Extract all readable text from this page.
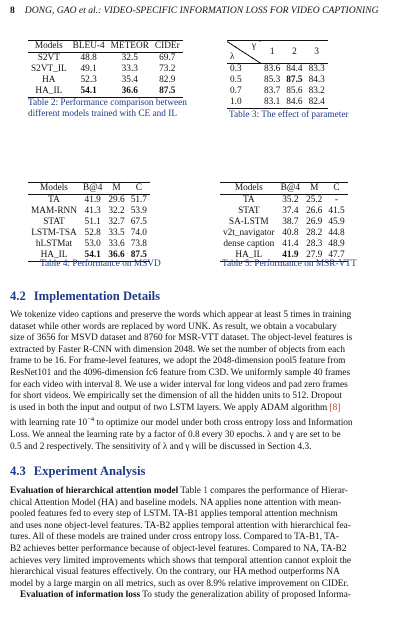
8 DONG, GAO et al.: VIDEO-SPECIFIC INFORMATION LOSS FOR VIDEO CAPTIONING
Models	BLEU-4	METEOR	CIDEr
S2VT	48.8	32.5	69.7
S2VT_IL	49.1	33.3	73.2
HA	52.3	35.4	82.9
HA_IL	54.1	36.6	87.5
Table 2: Performance comparison between different models trained with CE and IL
γ
λ	1	2	3
0.3	83.6	84.4	83.3
0.5	85.3	87.5	84.3
0.7	83.7	85.6	83.2
1.0	83.1	84.6	82.4
Table 3: The effect of parameter
Models	B@4	M	C
TA	41.9	29.6	51.7
MAM-RNN	41.3	32.2	53.9
STAT	51.1	32.7	67.5
LSTM-TSA	52.8	33.5	74.0
hLSTMat	53.0	33.6	73.8
HA_IL	54.1	36.6	87.5
Table 4: Performance on MSVD
Models	B@4	M	C
TA	35.2	25.2	-
STAT	37.4	26.6	41.5
SA-LSTM	38.7	26.9	45.9
v2t_navigator	40.8	28.2	44.8
dense caption	41.4	28.3	48.9
HA_IL	41.9	27.9	47.7
Table 5: Performance on MSR-VTT
4.2 Implementation Details
We tokenize video captions and preserve the words which appear at least 5 times in training
dataset while other words are replaced by word UNK. As result, we obtain a vocabulary
size of 3656 for MSVD dataset and 8760 for MSR-VTT dataset. The object-level features is
extracted by Faster R-CNN with dimension 2048. We set the number of objects from each
frame to be 16. For frame-level features, we adopt the 2048-dimension pool5 feature from
ResNet101 and the 4096-dimension fc6 feature from C3D. We uniformly sample 40 frames
for each video with interval 8. We use a wider interval for long videos and pad zero frames
for short videos. We empirically set the dimension of all the hidden units to 512. Dropout
is used in both the input and output of two LSTM layers. We apply ADAM algorithm [8]
with learning rate $10^{-4}$ to optimize our model under both cross entropy loss and Information
Loss. We anneal the learning rate by a factor of 0.8 every 30 epochs. λ and γ are set to be
0.5 and 2 respectively. The sensitivity of λ and γ will be discussed in Section 4.3.
4.3 Experiment Analysis
Evaluation of hierarchical attention model Table 1 compares the performance of Hierar-
chical Attention Model (HA) and baseline models. NA applies none attention with mean-
pooled features fed to every step of LSTM. TA-B1 applies temporal attention mechnism
and uses none object-level features. TA-B2 applies temporal attention with hierarchical fea-
tures. All of these models are trained under cross entropy loss. Compared to TA-B1, TA-
B2 achieves better performance because of object-level features. Compared to NA, TA-B2
achieves very limited improvements which shows that temporal attention cannot exploit the
hierarchical visual features effectively. On the contrary, our HA method outperforms NA
model by a large margin on all metrics, such as over 8.9% relative improvement on CIDEr.
Evaluation of information loss To study the generalization ability of proposed Informa-
